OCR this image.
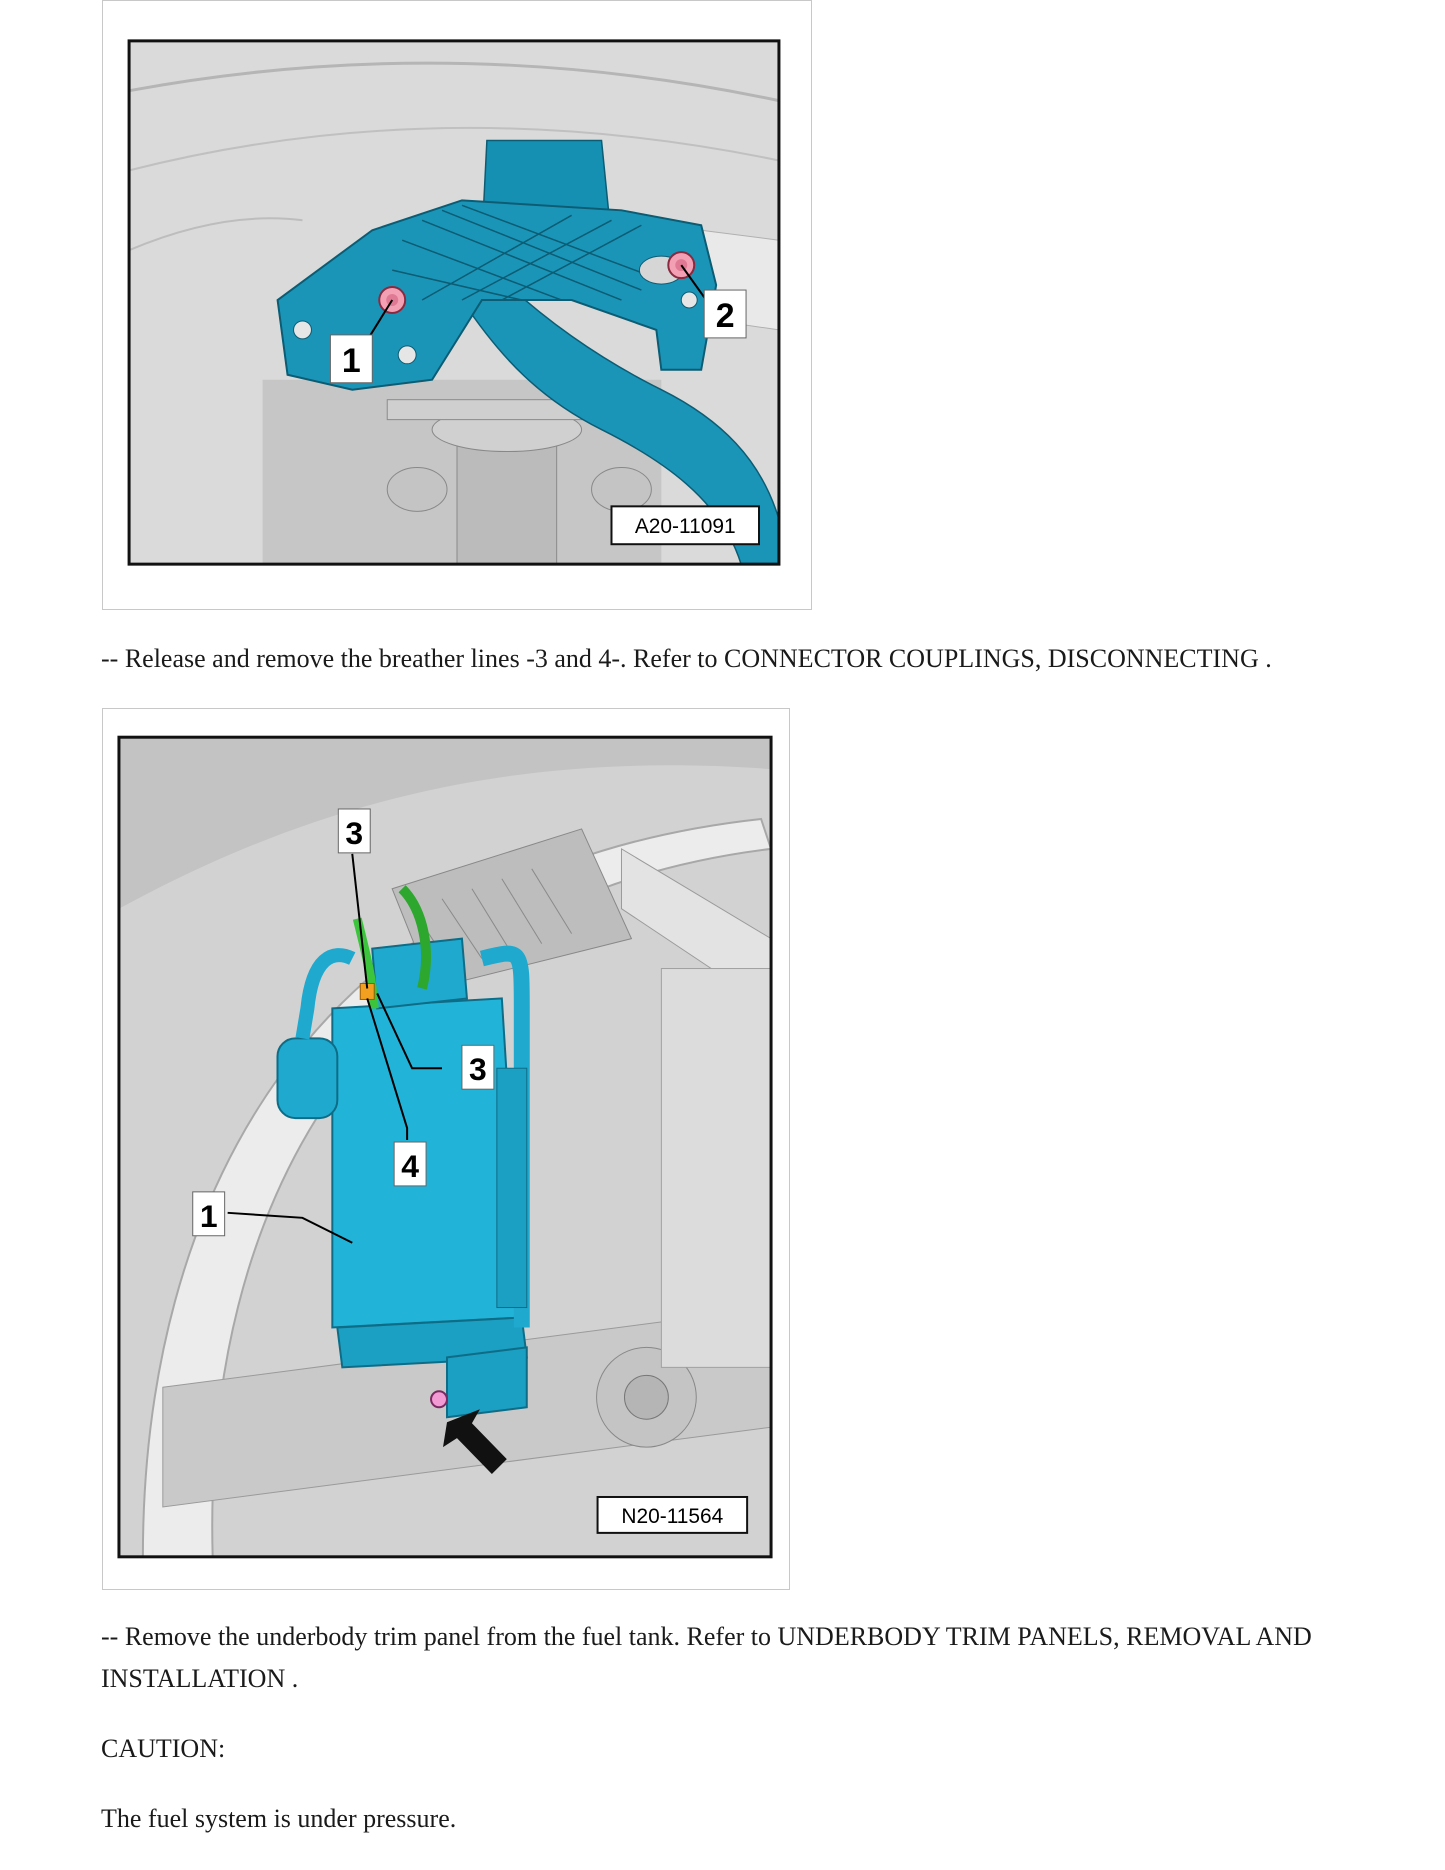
1
2
A20-11091

-- Release and remove the breather lines -3 and 4-. Refer to CONNECTOR COUPLINGS, DISCONNECTING .

3
3
4
1
N20-11564

-- Remove the underbody trim panel from the fuel tank. Refer to UNDERBODY TRIM PANELS, REMOVAL AND INSTALLATION .

CAUTION:

The fuel system is under pressure.
